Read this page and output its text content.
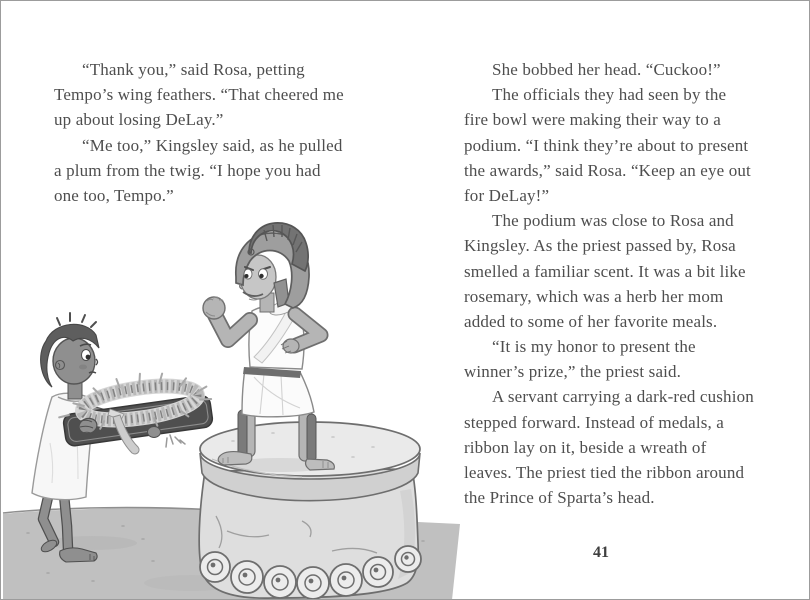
“Thank you,” said Rosa, petting
Tempo’s wing feathers. “That cheered me
up about losing DeLay.”
“Me too,” Kingsley said, as he pulled
a plum from the twig. “I hope you had
one too, Tempo.”
She bobbed her head. “Cuckoo!”
The officials they had seen by the
fire bowl were making their way to a
podium. “I think they’re about to present
the awards,” said Rosa. “Keep an eye out
for DeLay!”
The podium was close to Rosa and
Kingsley. As the priest passed by, Rosa
smelled a familiar scent. It was a bit like
rosemary, which was a herb her mom
added to some of her favorite meals.
“It is my honor to present the
winner’s prize,” the priest said.
A servant carrying a dark-red cushion
stepped forward. Instead of medals, a
ribbon lay on it, beside a wreath of
leaves. The priest tied the ribbon around
the Prince of Sparta’s head.
41
